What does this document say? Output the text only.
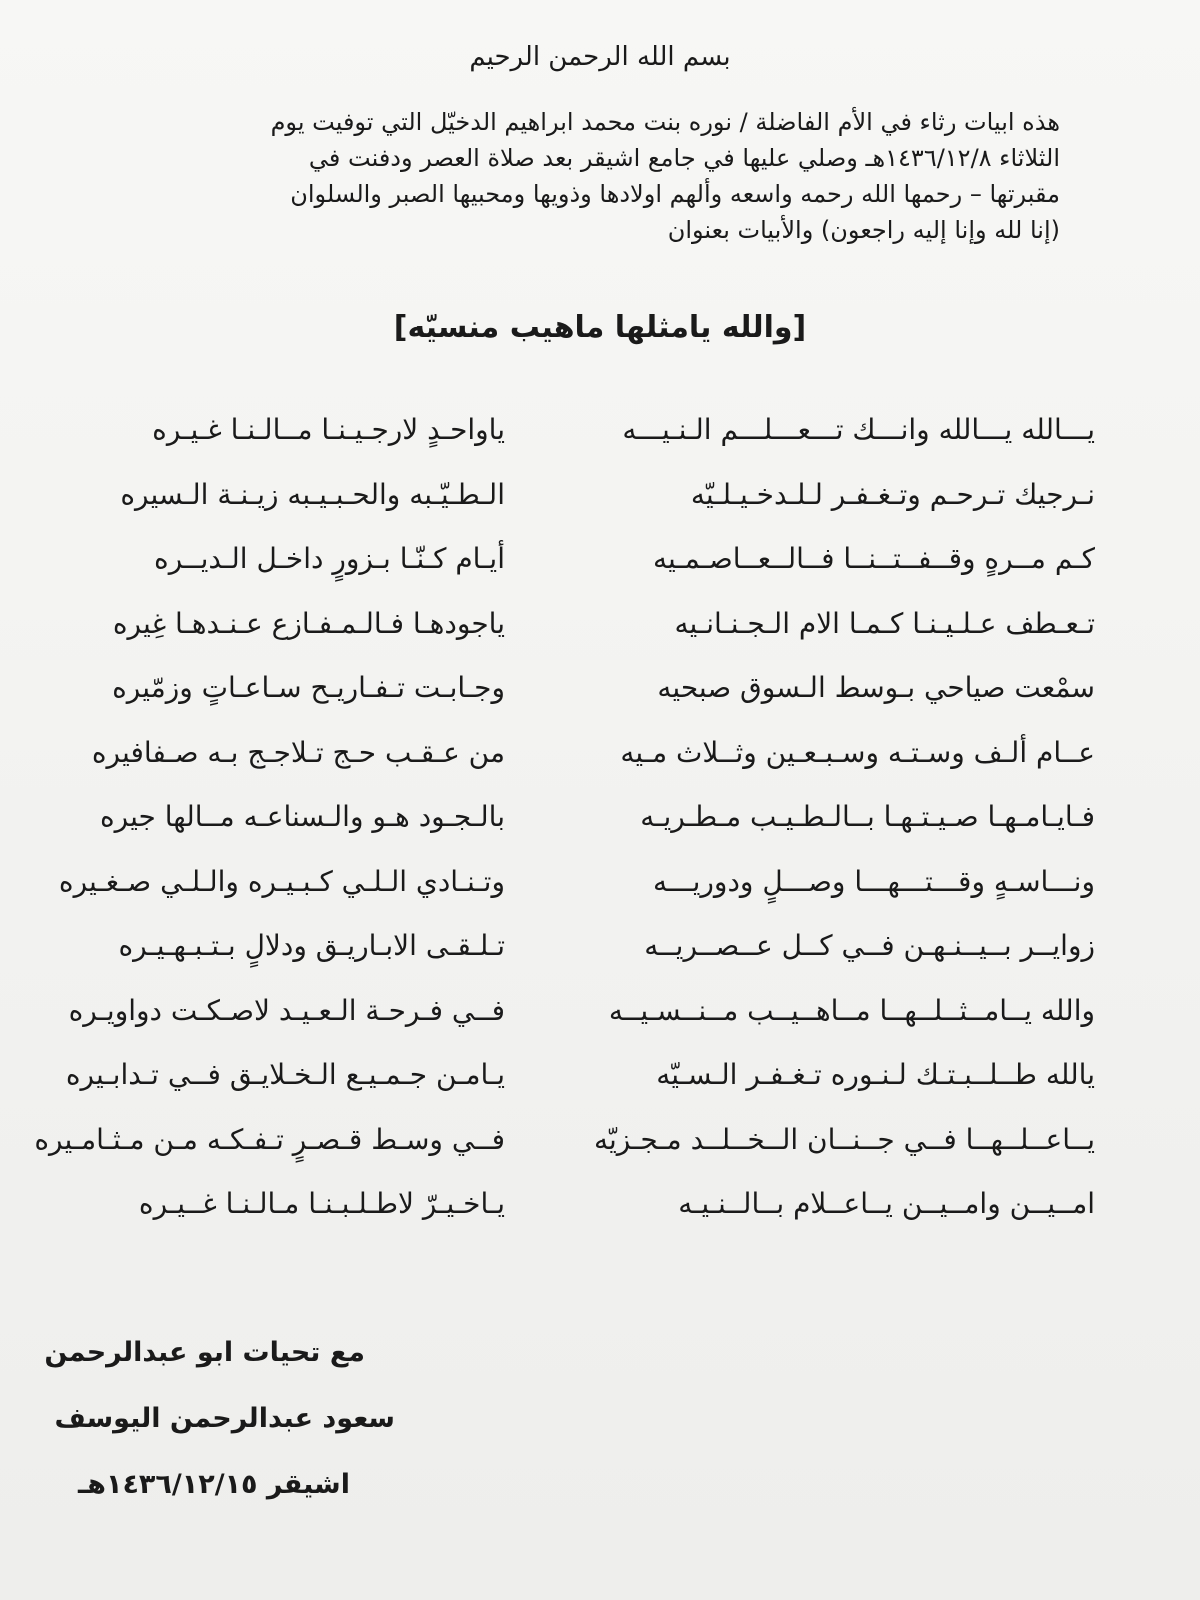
بسم الله الرحمن الرحيم
هذه ابيات رثاء في الأم الفاضلة / نوره بنت محمد ابراهيم الدخيّل التي توفيت يوم
الثلاثاء ١٤٣٦/١٢/٨هـ وصلي عليها في جامع اشيقر بعد صلاة العصر ودفنت في
مقبرتها – رحمها الله رحمه واسعه وألهم اولادها وذويها ومحبيها الصبر والسلوان
(إنا لله وإنا إليه راجعون) والأبيات بعنوان
[والله يامثلها ماهيب منسيّه]
يـــالله يـــالله وانـــك تـــعـــلـــم الـنـيـــه
ياواحـدٍ لارجـيـنـا مــالـنـا غـيـره
نـرجيك تـرحـم وتـغـفـر لـلـدخـيـلـيّه
الـطـيّـبه والحـبـيـبه زيـنـة الـسيره
كـم مــرهٍ وقــفــتــنــا فــالــعــاصـمـيه
أيـام كـنّـا بـزورٍ داخـل الـديــره
تـعـطف عـلـيـنـا كـمـا الام الـجـنـانـيه
ياجودهـا فـالـمـفـازع عـنـدهـا غِيره
سمْعت صياحي بـوسط الـسوق صبحيه
وجـابـت تـفـاريـح سـاعـاتٍ وزمّيره
عــام ألـف وسـتـه وسـبـعـين وثــلاث مـيه
من عـقـب حـج تـلاجـج بـه صـفافيره
فـايـامـهـا صـيـتـهـا بــالـطـيـب مـطـريـه
بالـجـود هـو والـسناعـه مــالها جيره
ونـــاسـهٍ وقـــتـــهـــا وصـــلٍ ودوريـــه
وتـنـادي الـلـي كـبـيـره والـلـي صـغـيره
زوايــر بــيــنـهـن فــي كــل عــصــريــه
تـلـقـى الابـاريـق ودلالٍ بـتـبـهـيـره
والله يــامــثــلــهــا مــاهــيــب مــنــسـيــه
فــي فـرحـة الـعـيـد لاصـكـت دواويـره
يالله طــلــبـتـك لـنـوره تـغـفـر الـسـيّه
يـامـن جـمـيـع الـخـلايـق فــي تـدابـيره
يــاعــلــهــا فــي جــنــان الــخــلــد مـجـزيّه
فــي وسـط قـصـرٍ تـفـكـه مـن مـثـامـيره
امــيــن وامــيــن يــاعــلام بــالــنـيـه
يـاخـيـرّ لاطـلـبـنـا مـالـنـا غــيـره
مع تحيات ابو عبدالرحمن
سعود عبدالرحمن اليوسف
اشيقر ١٤٣٦/١٢/١٥هـ
